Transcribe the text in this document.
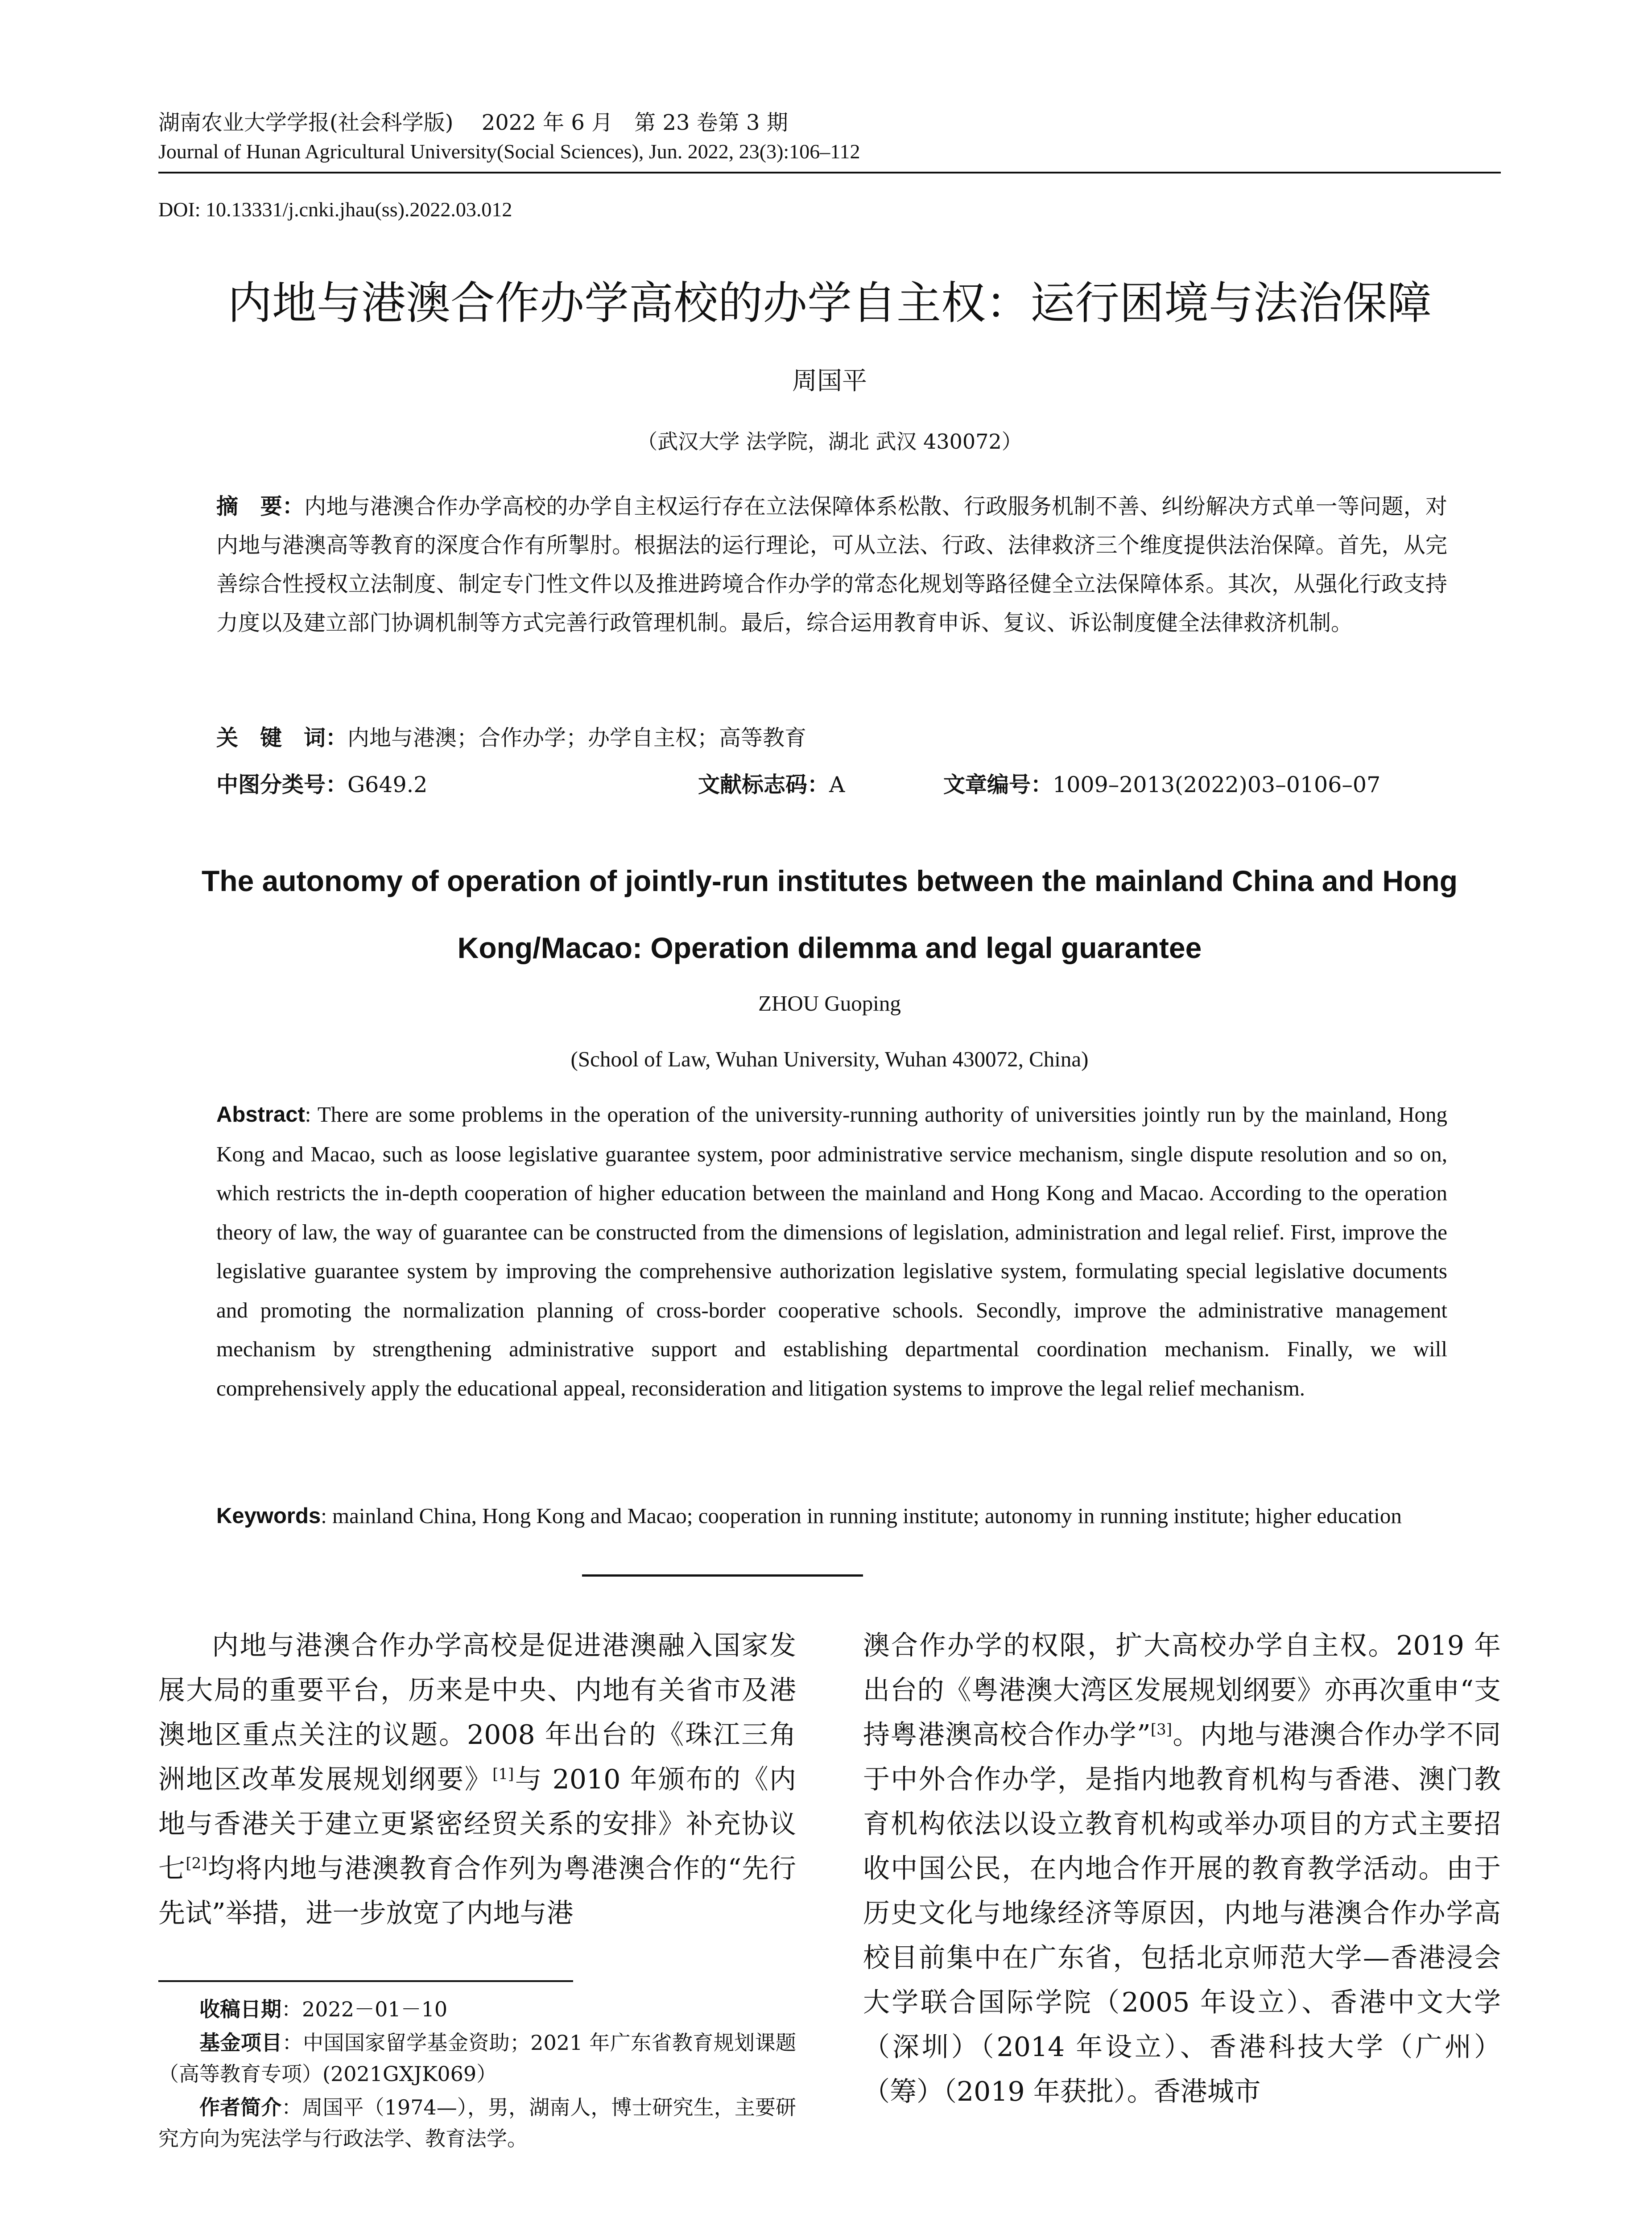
湖南农业大学学报(社会科学版)　 2022 年 6 月　第 23 卷第 3 期
Journal of Hunan Agricultural University(Social Sciences), Jun. 2022, 23(3):106–112
DOI: 10.13331/j.cnki.jhau(ss).2022.03.012
内地与港澳合作办学高校的办学自主权：运行困境与法治保障
周国平
（武汉大学 法学院，湖北 武汉 430072）
摘　要：内地与港澳合作办学高校的办学自主权运行存在立法保障体系松散、行政服务机制不善、纠纷解决方式单一等问题，对内地与港澳高等教育的深度合作有所掣肘。根据法的运行理论，可从立法、行政、法律救济三个维度提供法治保障。首先，从完善综合性授权立法制度、制定专门性文件以及推进跨境合作办学的常态化规划等路径健全立法保障体系。其次，从强化行政支持力度以及建立部门协调机制等方式完善行政管理机制。最后，综合运用教育申诉、复议、诉讼制度健全法律救济机制。
关　键　词：内地与港澳；合作办学；办学自主权；高等教育
中图分类号：G649.2	文献标志码：A	文章编号：1009–2013(2022)03–0106–07
The autonomy of operation of jointly-run institutes between the mainland China and Hong Kong/Macao: Operation dilemma and legal guarantee
ZHOU Guoping
(School of Law, Wuhan University, Wuhan 430072, China)
Abstract: There are some problems in the operation of the university-running authority of universities jointly run by the mainland, Hong Kong and Macao, such as loose legislative guarantee system, poor administrative service mechanism, single dispute resolution and so on, which restricts the in-depth cooperation of higher education between the mainland and Hong Kong and Macao. According to the operation theory of law, the way of guarantee can be constructed from the dimensions of legislation, administration and legal relief. First, improve the legislative guarantee system by improving the comprehensive authorization legislative system, formulating special legislative documents and promoting the normalization planning of cross-border cooperative schools. Secondly, improve the administrative management mechanism by strengthening administrative support and establishing departmental coordination mechanism. Finally, we will comprehensively apply the educational appeal, reconsideration and litigation systems to improve the legal relief mechanism.
Keywords: mainland China, Hong Kong and Macao; cooperation in running institute; autonomy in running institute; higher education

内地与港澳合作办学高校是促进港澳融入国家发展大局的重要平台，历来是中央、内地有关省市及港澳地区重点关注的议题。2008 年出台的《珠江三角洲地区改革发展规划纲要》[1]与 2010 年颁布的《内地与香港关于建立更紧密经贸关系的安排》补充协议七[2]均将内地与港澳教育合作列为粤港澳合作的“先行先试”举措，进一步放宽了内地与港

澳合作办学的权限，扩大高校办学自主权。2019 年出台的《粤港澳大湾区发展规划纲要》亦再次重申“支持粤港澳高校合作办学”[3]。内地与港澳合作办学不同于中外合作办学，是指内地教育机构与香港、澳门教育机构依法以设立教育机构或举办项目的方式主要招收中国公民，在内地合作开展的教育教学活动。由于历史文化与地缘经济等原因，内地与港澳合作办学高校目前集中在广东省，包括北京师范大学—香港浸会大学联合国际学院（2005 年设立）、香港中文大学（深圳）（2014 年设立）、香港科技大学（广州）（筹）（2019 年获批）。香港城市

收稿日期：2022－01－10

基金项目：中国国家留学基金资助；2021 年广东省教育规划课题（高等教育专项）(2021GXJK069）

作者简介：周国平（1974—），男，湖南人，博士研究生，主要研究方向为宪法学与行政法学、教育法学。
